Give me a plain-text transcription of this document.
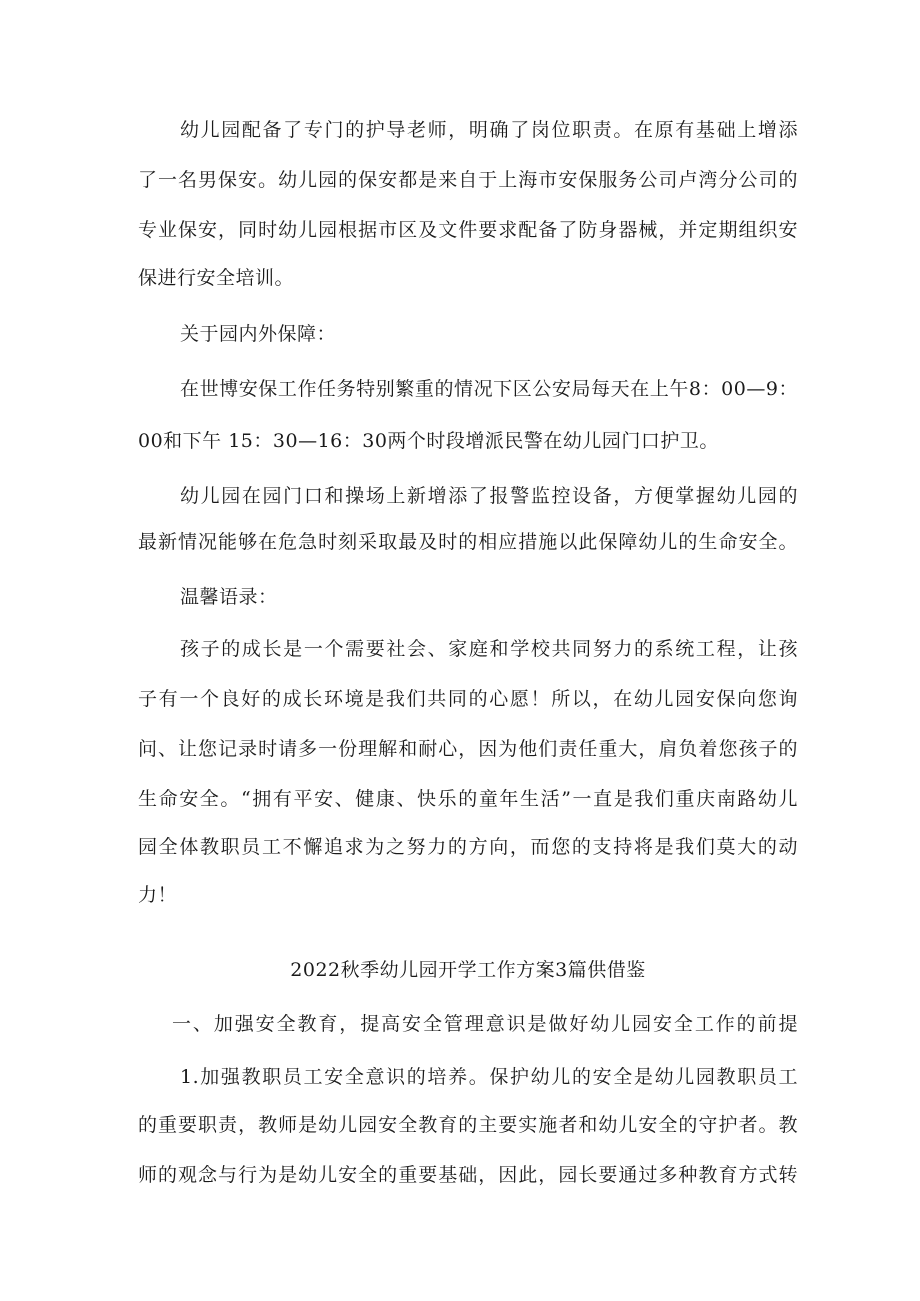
幼儿园配备了专门的护导老师，明确了岗位职责。在原有基础上增添
了一名男保安。幼儿园的保安都是来自于上海市安保服务公司卢湾分公司的
专业保安，同时幼儿园根据市区及文件要求配备了防身器械，并定期组织安
保进行安全培训。
关于园内外保障：
在世博安保工作任务特别繁重的情况下区公安局每天在上午8：00—9：
00和下午 15：30—16：30两个时段增派民警在幼儿园门口护卫。
幼儿园在园门口和操场上新增添了报警监控设备，方便掌握幼儿园的
最新情况能够在危急时刻采取最及时的相应措施以此保障幼儿的生命安全。
温馨语录：
孩子的成长是一个需要社会、家庭和学校共同努力的系统工程，让孩
子有一个良好的成长环境是我们共同的心愿！所以，在幼儿园安保向您询
问、让您记录时请多一份理解和耐心，因为他们责任重大，肩负着您孩子的
生命安全。“拥有平安、健康、快乐的童年生活”一直是我们重庆南路幼儿
园全体教职员工不懈追求为之努力的方向，而您的支持将是我们莫大的动
力！
2022秋季幼儿园开学工作方案3篇供借鉴
一、加强安全教育，提高安全管理意识是做好幼儿园安全工作的前提
1.加强教职员工安全意识的培养。保护幼儿的安全是幼儿园教职员工
的重要职责，教师是幼儿园安全教育的主要实施者和幼儿安全的守护者。教
师的观念与行为是幼儿安全的重要基础，因此，园长要通过多种教育方式转
